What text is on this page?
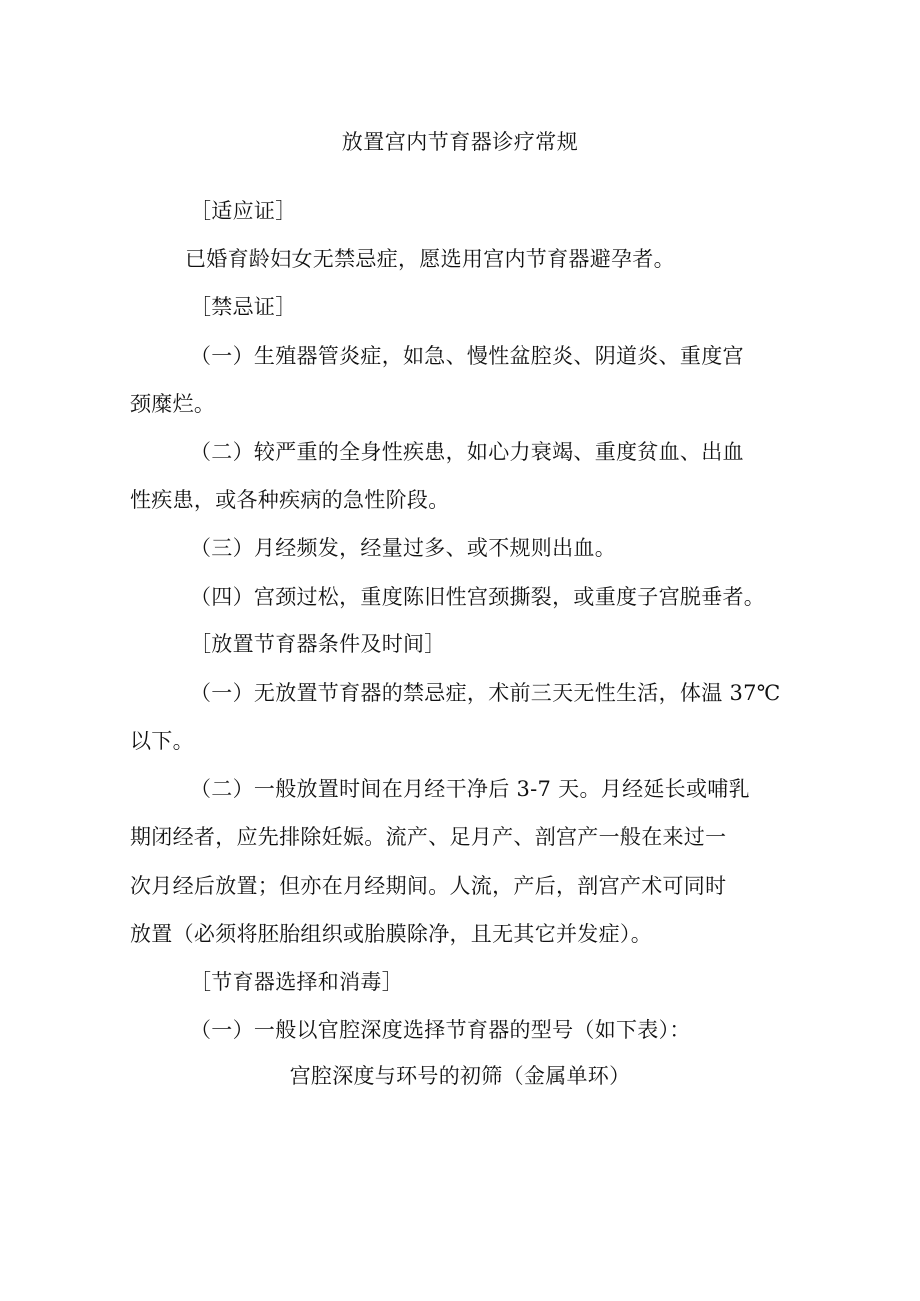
放置宫内节育器诊疗常规
［适应证］
已婚育龄妇女无禁忌症，愿选用宫内节育器避孕者。
［禁忌证］
（一）生殖器管炎症，如急、慢性盆腔炎、阴道炎、重度宫
颈糜烂。
（二）较严重的全身性疾患，如心力衰竭、重度贫血、出血
性疾患，或各种疾病的急性阶段。
（三）月经频发，经量过多、或不规则出血。
（四）宫颈过松，重度陈旧性宫颈撕裂，或重度子宫脱垂者。
［放置节育器条件及时间］
（一）无放置节育器的禁忌症，术前三天无性生活，体温 37℃
以下。
（二）一般放置时间在月经干净后 3-7 天。月经延长或哺乳
期闭经者，应先排除妊娠。流产、足月产、剖宫产一般在来过一
次月经后放置；但亦在月经期间。人流，产后，剖宫产术可同时
放置（必须将胚胎组织或胎膜除净，且无其它并发症）。
［节育器选择和消毒］
（一）一般以官腔深度选择节育器的型号（如下表）：
宫腔深度与环号的初筛（金属单环）
